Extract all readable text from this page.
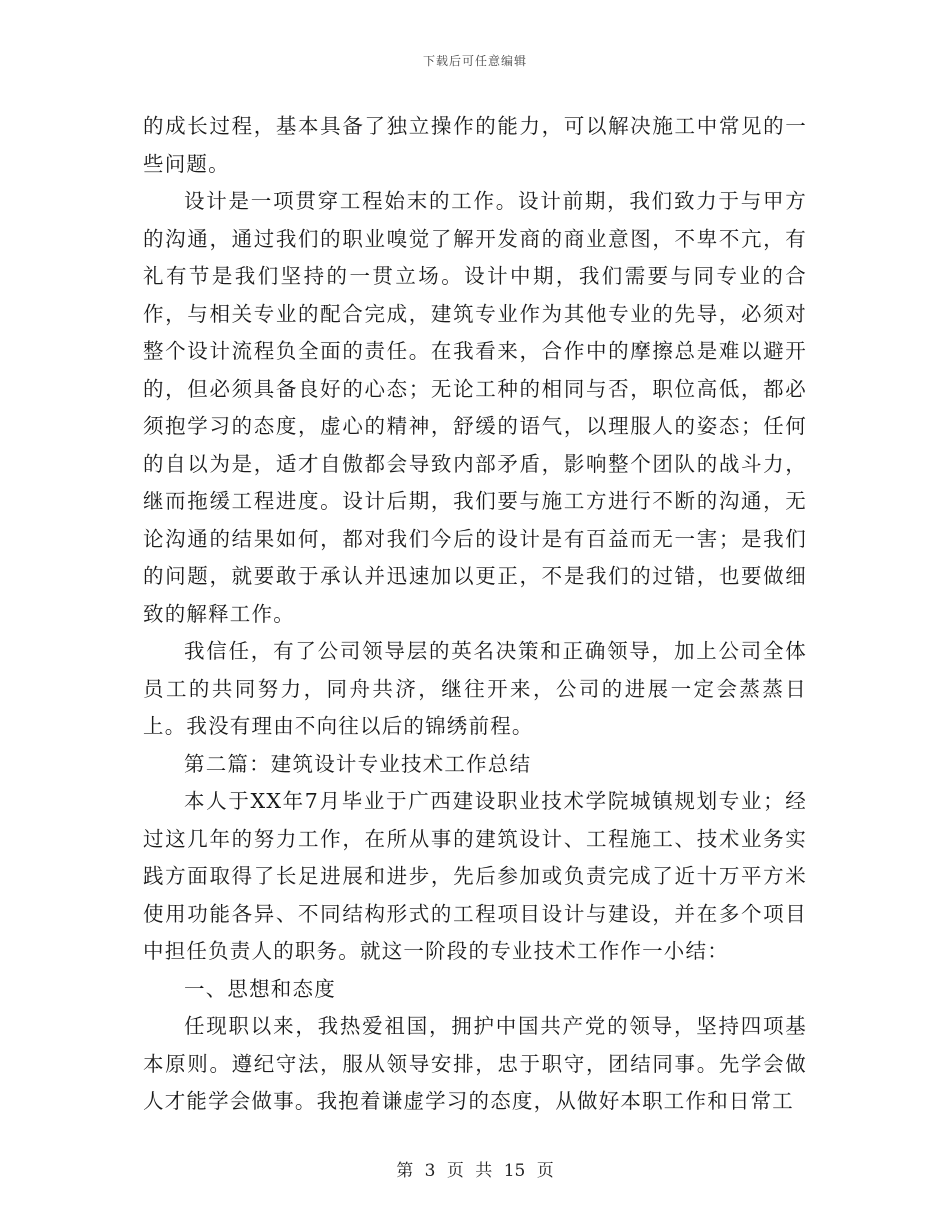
下载后可任意编辑

的成长过程，基本具备了独立操作的能力，可以解决施工中常见的一些问题。

设计是一项贯穿工程始末的工作。设计前期，我们致力于与甲方的沟通，通过我们的职业嗅觉了解开发商的商业意图，不卑不亢，有礼有节是我们坚持的一贯立场。设计中期，我们需要与同专业的合作，与相关专业的配合完成，建筑专业作为其他专业的先导，必须对整个设计流程负全面的责任。在我看来，合作中的摩擦总是难以避开的，但必须具备良好的心态；无论工种的相同与否，职位高低，都必须抱学习的态度，虚心的精神，舒缓的语气，以理服人的姿态；任何的自以为是，适才自傲都会导致内部矛盾，影响整个团队的战斗力，继而拖缓工程进度。设计后期，我们要与施工方进行不断的沟通，无论沟通的结果如何，都对我们今后的设计是有百益而无一害；是我们的问题，就要敢于承认并迅速加以更正，不是我们的过错，也要做细致的解释工作。

我信任，有了公司领导层的英名决策和正确领导，加上公司全体员工的共同努力，同舟共济，继往开来，公司的进展一定会蒸蒸日上。我没有理由不向往以后的锦绣前程。

第二篇：建筑设计专业技术工作总结

本人于XX年7月毕业于广西建设职业技术学院城镇规划专业；经过这几年的努力工作，在所从事的建筑设计、工程施工、技术业务实践方面取得了长足进展和进步，先后参加或负责完成了近十万平方米使用功能各异、不同结构形式的工程项目设计与建设，并在多个项目中担任负责人的职务。就这一阶段的专业技术工作作一小结：

一、思想和态度

任现职以来，我热爱祖国，拥护中国共产党的领导，坚持四项基本原则。遵纪守法，服从领导安排，忠于职守，团结同事。先学会做人才能学会做事。我抱着谦虚学习的态度，从做好本职工作和日常工

第 3 页 共 15 页
